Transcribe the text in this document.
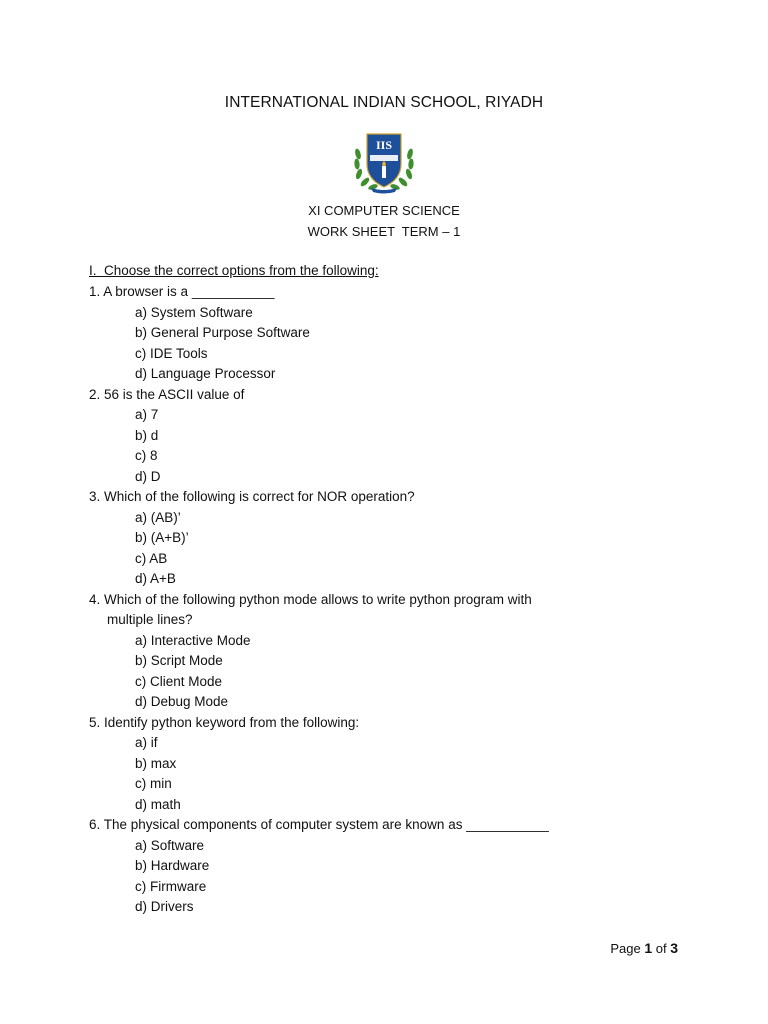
INTERNATIONAL INDIAN SCHOOL, RIYADH
IIS
XI COMPUTER SCIENCE
WORK SHEET  TERM – 1
I.  Choose the correct options from the following:
1. A browser is a ___________
a) System Software
b) General Purpose Software
c) IDE Tools
d) Language Processor
2. 56 is the ASCII value of
a) 7
b) d
c) 8
d) D
3. Which of the following is correct for NOR operation?
a) (AB)’
b) (A+B)’
c) AB
d) A+B
4. Which of the following python mode allows to write python program with
multiple lines?
a) Interactive Mode
b) Script Mode
c) Client Mode
d) Debug Mode
5. Identify python keyword from the following:
a) if
b) max
c) min
d) math
6. The physical components of computer system are known as ___________
a) Software
b) Hardware
c) Firmware
d) Drivers
Page 1 of 3
